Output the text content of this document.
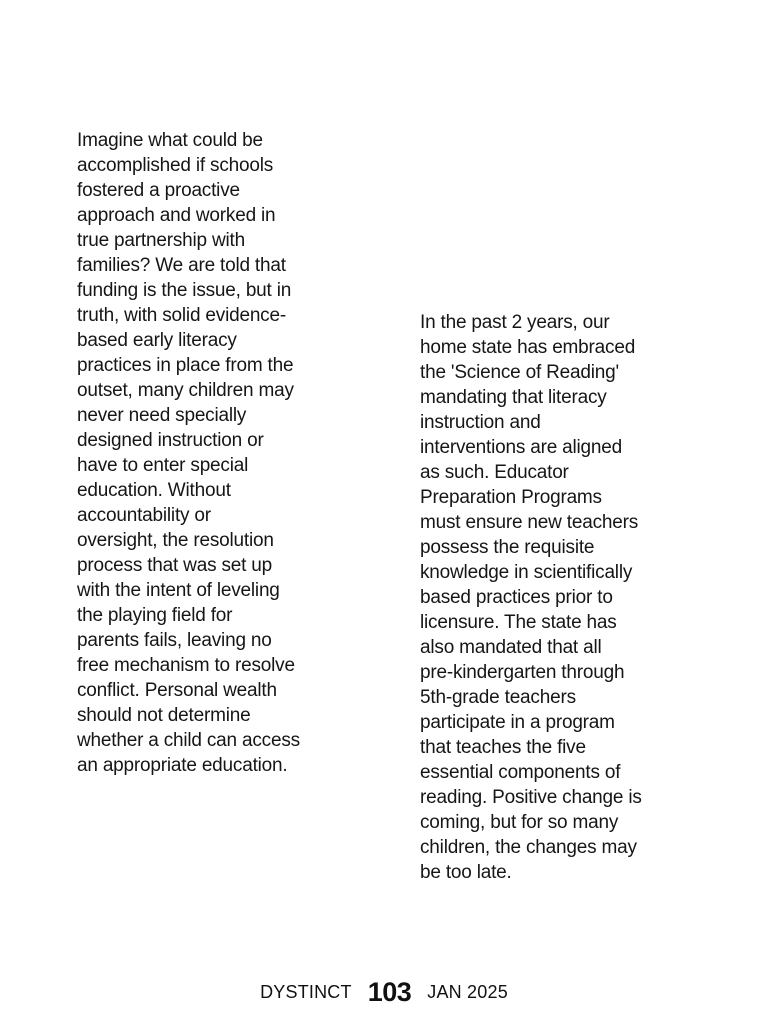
Imagine what could be
accomplished if schools
fostered a proactive
approach and worked in
true partnership with
families? We are told that
funding is the issue, but in
truth, with solid evidence-
based early literacy
practices in place from the
outset, many children may
never need specially
designed instruction or
have to enter special
education. Without
accountability or
oversight, the resolution
process that was set up
with the intent of leveling
the playing field for
parents fails, leaving no
free mechanism to resolve
conflict. Personal wealth
should not determine
whether a child can access
an appropriate education.
In the past 2 years, our
home state has embraced
the 'Science of Reading'
mandating that literacy
instruction and
interventions are aligned
as such. Educator
Preparation Programs
must ensure new teachers
possess the requisite
knowledge in scientifically
based practices prior to
licensure. The state has
also mandated that all
pre-kindergarten through
5th-grade teachers
participate in a program
that teaches the five
essential components of
reading. Positive change is
coming, but for so many
children, the changes may
be too late.
DYSTINCT 103 JAN 2025
